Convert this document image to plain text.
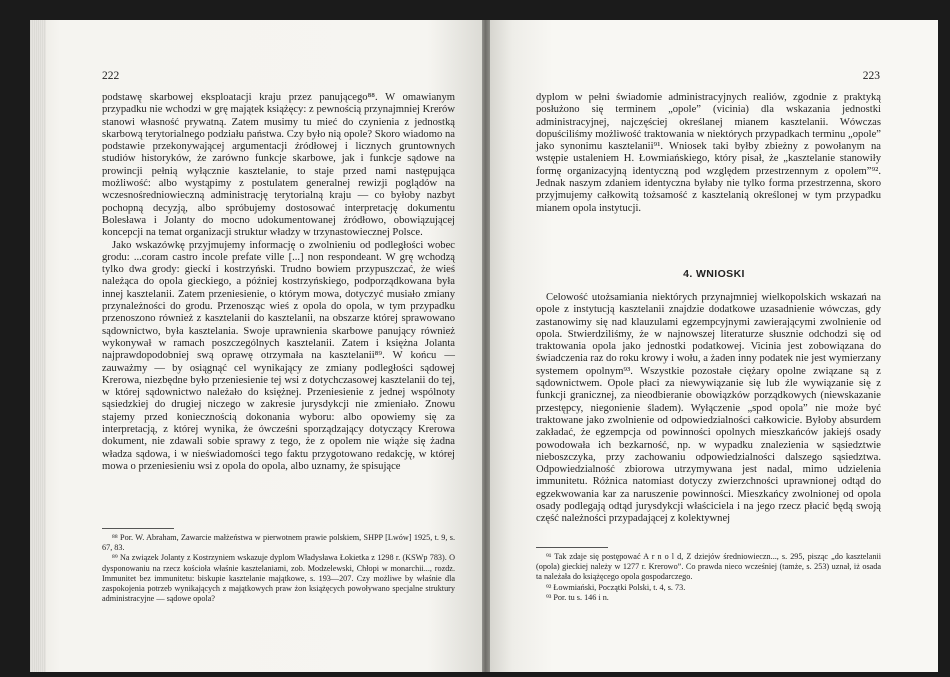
222

podstawę skarbowej eksploatacji kraju przez panującego⁸⁸. W omawianym przypadku nie wchodzi w grę majątek książęcy: z pewnością przynajmniej Krerów stanowi własność prywatną. Zatem musimy tu mieć do czynienia z jednostką skarbową terytorialnego podziału państwa. Czy było nią opole? Skoro wiadomo na podstawie przekonywającej argumentacji źródłowej i licznych gruntownych studiów historyków, że zarówno funkcje skarbowe, jak i funkcje sądowe na prowincji pełnią wyłącznie kasztelanie, to staje przed nami następująca możliwość: albo wystąpimy z postulatem generalnej rewizji poglądów na wczesnośredniowieczną administrację terytorialną kraju — co byłoby nazbyt pochopną decyzją, albo spróbujemy dostosować interpretację dokumentu Bolesława i Jolanty do mocno udokumentowanej źródłowo, obowiązującej koncepcji na temat organizacji struktur władzy w trzynastowiecznej Polsce.

Jako wskazówkę przyjmujemy informację o zwolnieniu od podległości wobec grodu: ...coram castro incole prefate ville [...] non respondeant. W grę wchodzą tylko dwa grody: gieckí i kostrzyński. Trudno bowiem przypuszczać, że wieś należąca do opola gieckiego, a później kostrzyńskiego, podporządkowana była innej kasztelanii. Zatem przeniesienie, o którym mowa, dotyczyć musiało zmiany przynależności do grodu. Przenosząc wieś z opola do opola, w tym przypadku przenoszono również z kasztelanii do kasztelanii, na obszarze której sprawowano sądownictwo, była kasztelania. Swoje uprawnienia skarbowe panujący również wykonywał w ramach poszczególnych kasztelanii. Zatem i księżna Jolanta najprawdopodobniej swą oprawę otrzymała na kasztelanii⁸⁹. W końcu — zauważmy — by osiągnąć cel wynikający ze zmiany podległości sądowej Krerowa, niezbędne było przeniesienie tej wsi z dotychczasowej kasztelanii do tej, w której sądownictwo należało do księżnej. Przeniesienie z jednej wspólnoty sąsiedzkiej do drugiej niczego w zakresie jurysdykcji nie zmieniało. Znowu stajemy przed koniecznością dokonania wyboru: albo opowiemy się za interpretacją, z której wynika, że ówcześni sporządzający dotyczący Krerowa dokument, nie zdawali sobie sprawy z tego, że z opolem nie wiąże się żadna władza sądowa, i w nieświadomości tego faktu przygotowano redakcję, w której mowa o przeniesieniu wsi z opola do opola, albo uznamy, że spisujące

⁸⁸ Por. W. Abraham, Zawarcie małżeństwa w pierwotnem prawie polskiem, SHPP [Lwów] 1925, t. 9, s. 67, 83.

⁸⁹ Na związek Jolanty z Kostrzyniem wskazuje dyplom Władysława Łokietka z 1298 r. (KSWp 783). O dysponowaniu na rzecz kościoła właśnie kasztelaniami, zob. Modzelewski, Chłopi w monarchii..., rozdz. Immunitet bez immunitetu: biskupie kasztelanie majątkowe, s. 193—207. Czy możliwe by właśnie dla zaspokojenia potrzeb wynikających z majątkowych praw żon książęcych powoływano specjalne struktury administracyjne — sądowe opola?

223

dyplom w pełni świadomie administracyjnych realiów, zgodnie z praktyką posłużono się terminem „opole” (vicinia) dla wskazania jednostki administracyjnej, najczęściej określanej mianem kasztelanii. Wówczas dopuściliśmy możliwość traktowania w niektórych przypadkach terminu „opole” jako synonimu kasztelanii⁹¹. Wniosek taki byłby zbieżny z powołanym na wstępie ustaleniem H. Łowmiańskiego, który pisał, że „kasztelanie stanowiły formę organizacyjną identyczną pod względem przestrzennym z opolem”⁹². Jednak naszym zdaniem identyczna byłaby nie tylko forma przestrzenna, skoro przyjmujemy całkowitą tożsamość z kasztelanią określonej w tym przypadku mianem opola instytucji.

4. WNIOSKI

Celowość utożsamiania niektórych przynajmniej wielkopolskich wskazań na opole z instytucją kasztelanii znajdzie dodatkowe uzasadnienie wówczas, gdy zastanowimy się nad klauzulami egzempcyjnymi zawierającymi zwolnienie od opola. Stwierdziliśmy, że w najnowszej literaturze słusznie odchodzi się od traktowania opola jako jednostki podatkowej. Vicinia jest zobowiązana do świadczenia raz do roku krowy i wołu, a żaden inny podatek nie jest wymierzany systemem opolnym⁹³. Wszystkie pozostałe ciężary opolne związane są z sądownictwem. Opole płaci za niewywiązanie się lub źle wywiązanie się z funkcji granicznej, za nieodbieranie obowiązków porządkowych (niewskazanie przestępcy, niegonienie śladem). Wyłączenie „spod opola” nie może być traktowane jako zwolnienie od odpowiedzialności całkowicie. Byłoby absurdem zakładać, że egzempcja od powinności opolnych mieszkańców jakiejś osady powodowała ich bezkarność, np. w wypadku znalezienia w sąsiedztwie nieboszczyka, przy zachowaniu odpowiedzialności dalszego sąsiedztwa. Odpowiedzialność zbiorowa utrzymywana jest nadal, mimo udzielenia immunitetu. Różnica natomiast dotyczy zwierzchności uprawnionej odtąd do egzekwowania kar za naruszenie powinności. Mieszkańcy zwolnionej od opola osady podlegają odtąd jurysdykcji właściciela i na jego rzecz płacić będą swoją część należności przypadającej z kolektywnej

⁹¹ Tak zdaje się postępować A r n o l d, Z dziejów średniowieczn..., s. 295, pisząc „do kasztelanii (opola) gieckiej należy w 1277 r. Krerowo”. Co prawda nieco wcześniej (tamże, s. 253) uznał, iż osada ta należała do książęcego opola gospodarczego.

⁹² Łowmiański, Początki Polski, t. 4, s. 73.

⁹³ Por. tu s. 146 i n.
